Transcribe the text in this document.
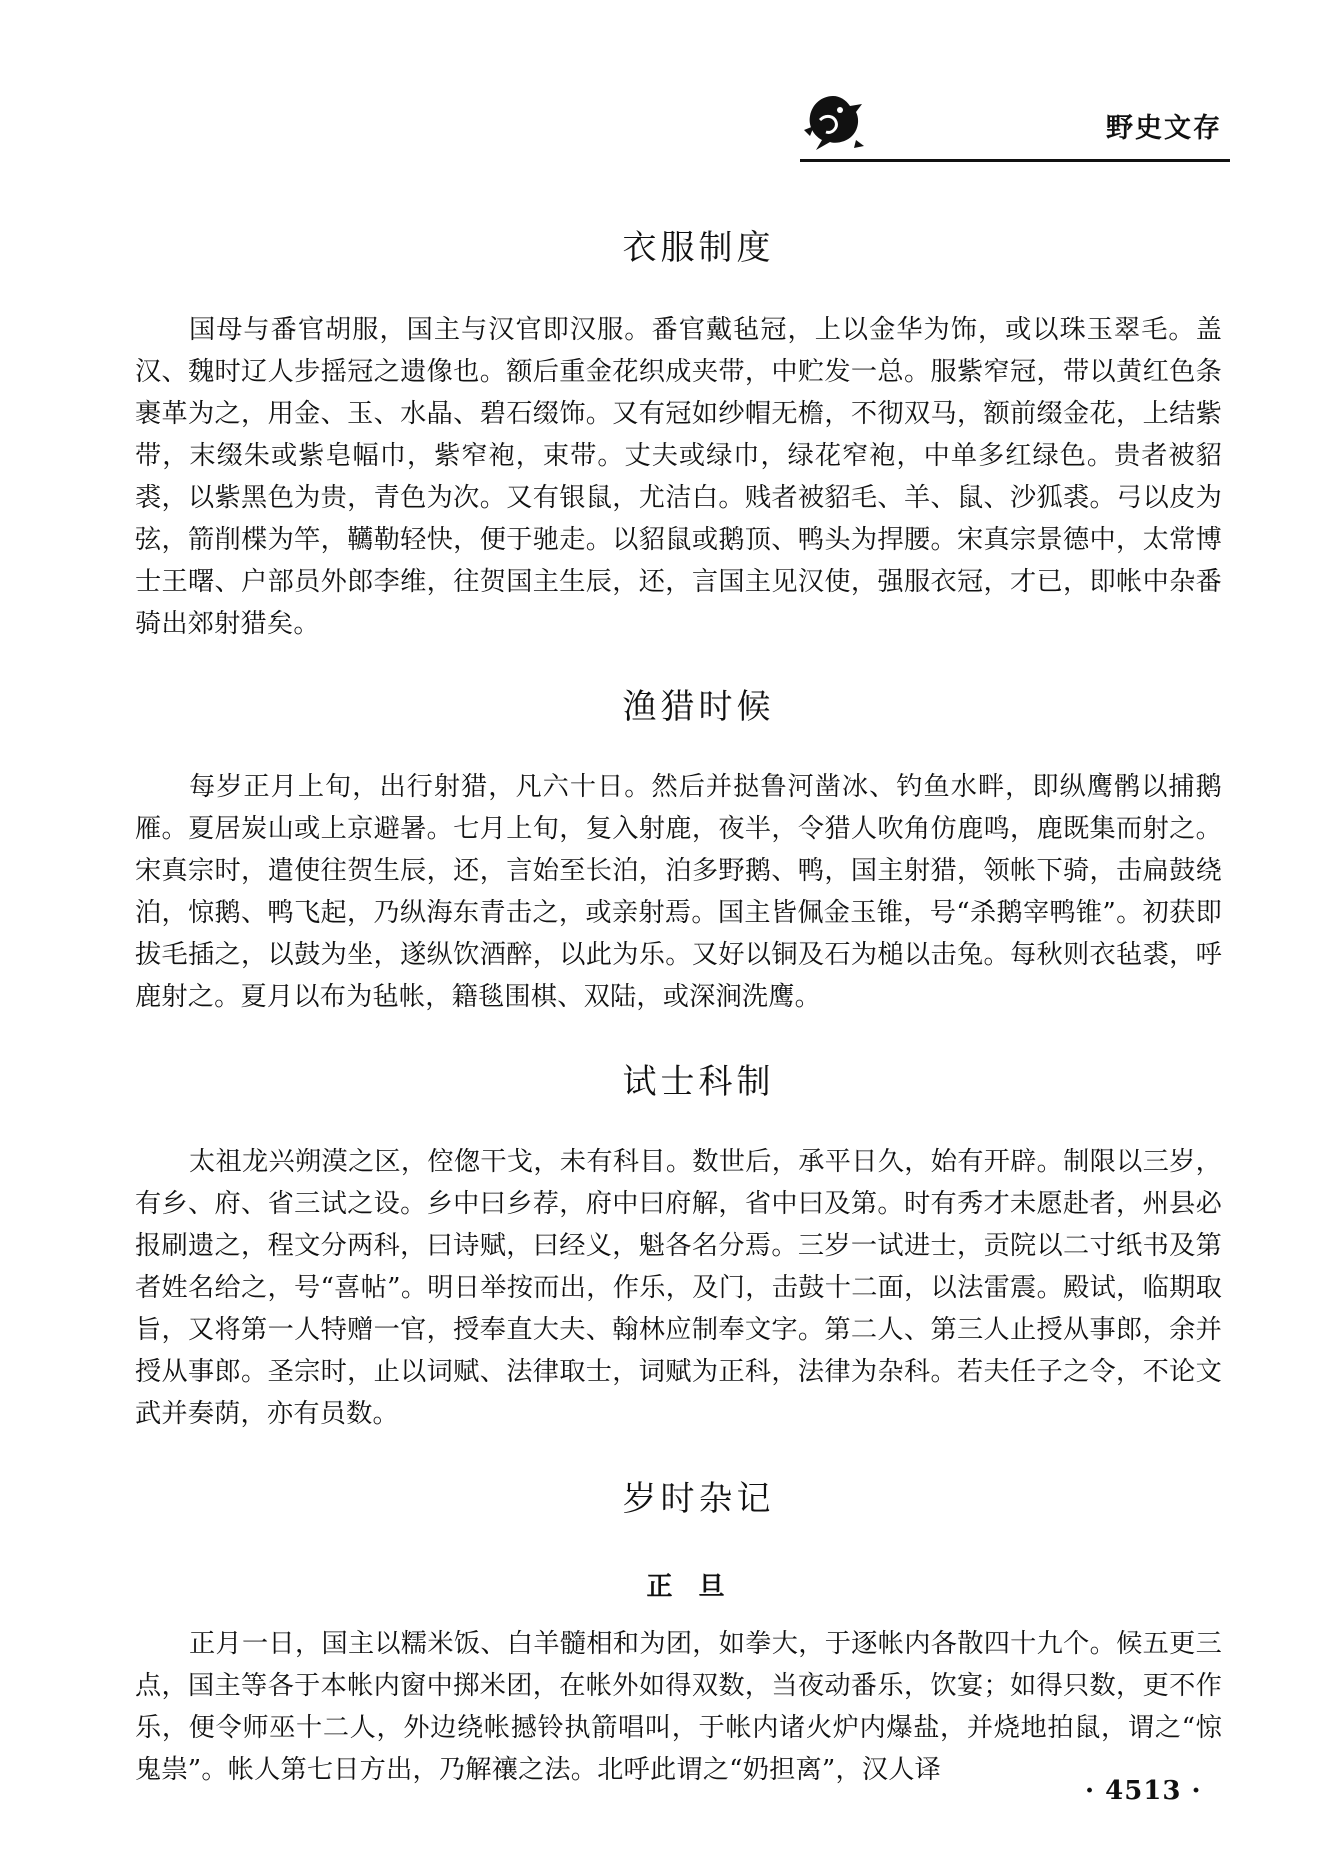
野史文存
衣服制度

国母与番官胡服，国主与汉官即汉服。番官戴毡冠，上以金华为饰，或以珠玉翠毛。盖汉、魏时辽人步摇冠之遗像也。额后重金花织成夹带，中贮发一总。服紫窄冠，带以黄红色条裹革为之，用金、玉、水晶、碧石缀饰。又有冠如纱帽无檐，不彻双马，额前缀金花，上结紫带，末缀朱或紫皂幅巾，紫窄袍，束带。丈夫或绿巾，绿花窄袍，中单多红绿色。贵者被貂裘，以紫黑色为贵，青色为次。又有银鼠，尤洁白。贱者被貂毛、羊、鼠、沙狐裘。弓以皮为弦，箭削楪为竿，韉勒轻快，便于驰走。以貂鼠或鹅顶、鸭头为捍腰。宋真宗景德中，太常博士王曙、户部员外郎李维，往贺国主生辰，还，言国主见汉使，强服衣冠，才已，即帐中杂番骑出郊射猎矣。

渔猎时候

每岁正月上旬，出行射猎，凡六十日。然后并挞鲁河凿冰、钓鱼水畔，即纵鹰鹘以捕鹅雁。夏居炭山或上京避暑。七月上旬，复入射鹿，夜半，令猎人吹角仿鹿鸣，鹿既集而射之。宋真宗时，遣使往贺生辰，还，言始至长泊，泊多野鹅、鸭，国主射猎，领帐下骑，击扁鼓绕泊，惊鹅、鸭飞起，乃纵海东青击之，或亲射焉。国主皆佩金玉锥，号“杀鹅宰鸭锥”。初获即拔毛插之，以鼓为坐，遂纵饮酒醉，以此为乐。又好以铜及石为槌以击兔。每秋则衣毡裘，呼鹿射之。夏月以布为毡帐，籍毯围棋、双陆，或深涧洗鹰。

试士科制

太祖龙兴朔漠之区，倥偬干戈，未有科目。数世后，承平日久，始有开辟。制限以三岁，有乡、府、省三试之设。乡中曰乡荐，府中曰府解，省中曰及第。时有秀才未愿赴者，州县必报刷遗之，程文分两科，曰诗赋，曰经义，魁各名分焉。三岁一试进士，贡院以二寸纸书及第者姓名给之，号“喜帖”。明日举按而出，作乐，及门，击鼓十二面，以法雷震。殿试，临期取旨，又将第一人特赠一官，授奉直大夫、翰林应制奉文字。第二人、第三人止授从事郎，余并授从事郎。圣宗时，止以词赋、法律取士，词赋为正科，法律为杂科。若夫任子之令，不论文武并奏荫，亦有员数。

岁时杂记
正旦

正月一日，国主以糯米饭、白羊髓相和为团，如拳大，于逐帐内各散四十九个。候五更三点，国主等各于本帐内窗中掷米团，在帐外如得双数，当夜动番乐，饮宴；如得只数，更不作乐，便令师巫十二人，外边绕帐撼铃执箭唱叫，于帐内诸火炉内爆盐，并烧地拍鼠，谓之“惊鬼祟”。帐人第七日方出，乃解禳之法。北呼此谓之“奶担离”，汉人译

· 4513 ·
